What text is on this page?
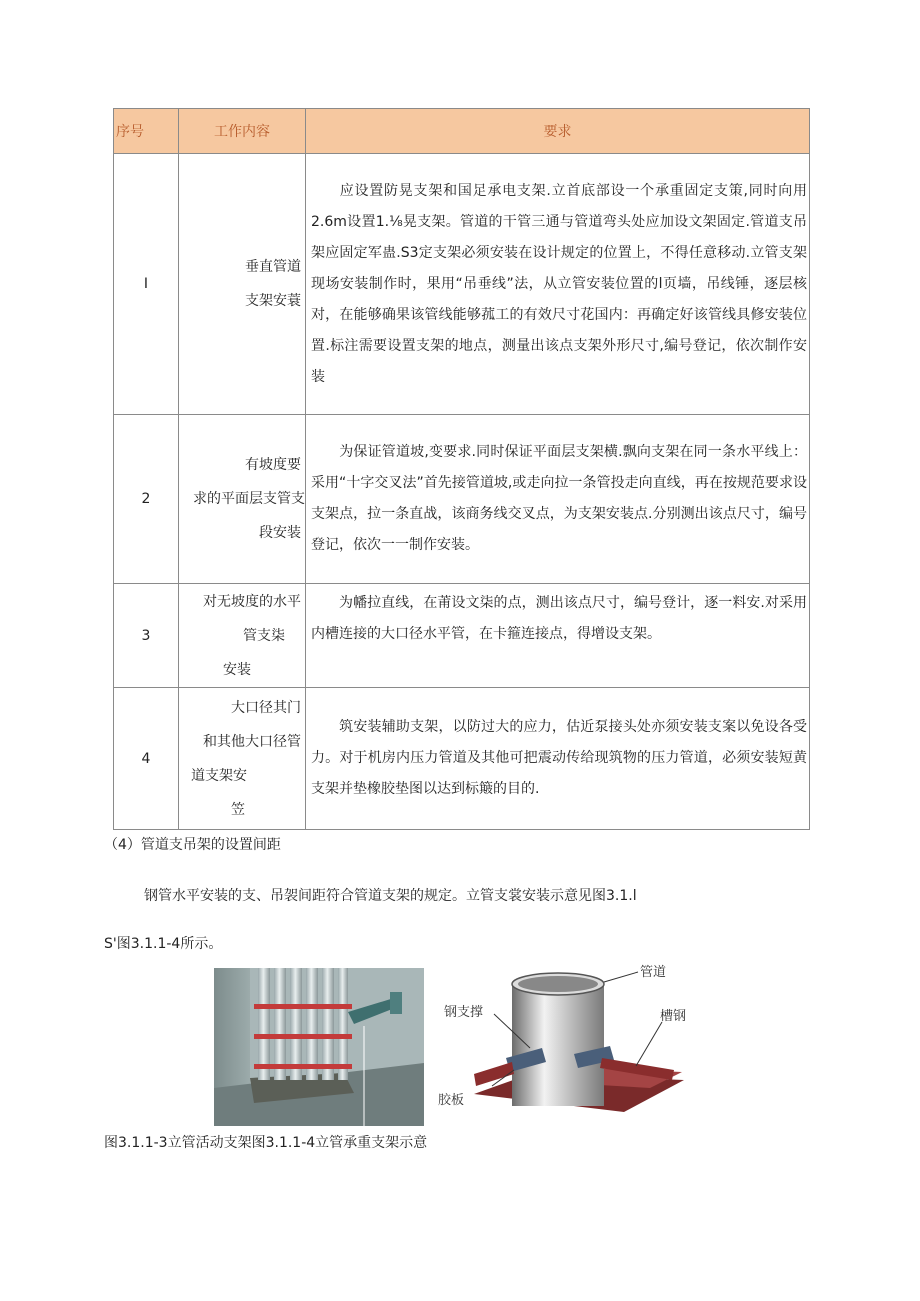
序号	工作内容	要求
I	垂直管道
支架安蓑	应设置防晃支架和国足承电支架.立首底部设一个承重固定支策,同时向用2.6m设置1.⅛晃支架。管道的干管三通与管道弯头处应加设文架固定.管道支吊架应固定军蛊.S3定支架必须安装在设计规定的位置上，不得任意移动.立管支架现场安装制作时，果用“吊垂线”法，从立管安装位置的l页墙，吊线锤，逐层核对，在能够确果该管线能够菰工的有效尺寸花国内：再确定好该管线具修安装位置.标注需要设置支架的地点，测量出该点支架外形尺寸,编号登记，依次制作安装
2	有坡度要
求的平面层支管支
段安装	为保证管道坡,变要求.同时保证平面层支架横.飘向支架在同一条水平线上：采用“十字交叉法”首先接管道坡,或走向拉一条管投走向直线，再在按规范要求设支架点，拉一条直战，该商务线交叉点，为支架安装点.分别测出该点尺寸，编号登记，依次一一制作安装。
3	对无坡度的水平
管支柒
安装	为幡拉直线，在莆设文柒的点，测出该点尺寸，编号登计，逐一料安.对采用内槽连接的大口径水平管，在卡箍连接点，得增设支架。
4	大口径其门
和其他大口径管
道支架安
笠	筑安装辅助支架，以防过大的应力，估近泵接头处亦须安装支案以免设各受力。对于机房内压力管道及其他可把震动传给现筑物的压力管道，必须安装短黄支架并垫橡胶垫图以达到标簸的目的.
（4）管道支吊架的设置间距
钢管水平安装的支、吊袈间距符合管道支架的规定。立管支裳安装示意见图3.1.l
S'图3.1.1-4所示。
管道
钢支撑	槽钢
胶板
图3.1.1-3立管活动支架图3.1.1-4立管承重支架示意
